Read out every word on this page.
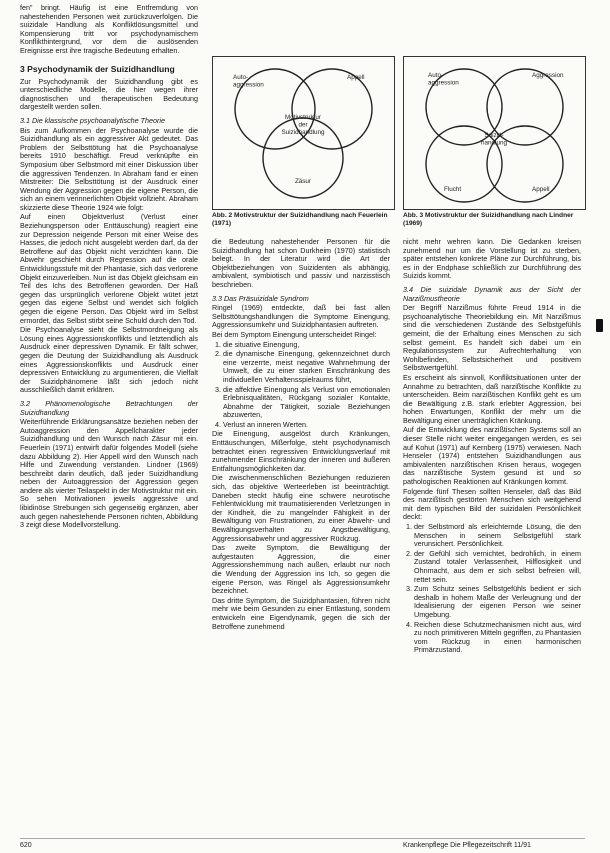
fen” bringt. Häufig ist eine Entfremdung von nahestehenden Personen weit zurückzuverfolgen. Die suizidale Handlung als Konfliktlösungsmittel und Kompensierung tritt vor psychodynamischem Konflikthintergrund, vor dem die auslösenden Ereignisse erst ihre tragische Bedeutung erhalten.

3 Psychodynamik der Suizidhandlung

Zur Psychodynamik der Suizidhandlung gibt es unterschiedliche Modelle, die hier wegen ihrer diagnostischen und therapeutischen Bedeutung dargestellt werden sollen.

3.1 Die klassische psychoanalytische Theorie

Bis zum Aufkommen der Psychoanalyse wurde die Suizidhandlung als ein aggressiver Akt gedeutet. Das Problem der Selbsttötung hat die Psychoanalyse bereits 1910 beschäftigt. Freud verknüpfte ein Symposium über Selbstmord mit einer Diskussion über die aggressiven Tendenzen. In Abraham fand er einen Mitstreiter: Die Selbsttötung ist der Ausdruck einer Wendung der Aggression gegen die eigene Person, die sich an einem verinnerlichten Objekt vollzieht. Abraham skizzierte diese Theorie 1924 wie folgt:

Auf einen Objektverlust (Verlust einer Beziehungsperson oder Enttäuschung) reagiert eine zur Depression neigende Person mit einer Weise des Hasses, die jedoch nicht ausgelebt werden darf, da der Betroffene auf das Objekt nicht verzichten kann. Die Abwehr geschieht durch Regression auf die orale Entwicklungsstufe mit der Phantasie, sich das verlorene Objekt einzuverleiben. Nun ist das Objekt gleichsam ein Teil des Ichs des Betroffenen geworden. Der Haß gegen das ursprünglich verlorene Objekt wütet jetzt gegen das eigene Selbst und wendet sich folglich gegen die eigene Person. Das Objekt wird im Selbst ermordet, das Selbst stirbt seine Schuld durch den Tod.

Die Psychoanalyse sieht die Selbstmordneigung als Lösung eines Aggressionskonflikts und letztendlich als Ausdruck einer depressiven Dynamik. Er fällt schwer, gegen die Deutung der Suizidhandlung als Ausdruck eines Aggressionskonflikts und Ausdruck einer depressiven Entwicklung zu argumentieren, die Vielfalt der Suizidphänomene läßt sich jedoch nicht ausschließlich damit erklären.

3.2 Phänomenologische Betrachtungen der Suizidhandlung

Weiterführende Erklärungsansätze beziehen neben der Autoaggression den Appellcharakter jeder Suizidhandlung und den Wunsch nach Zäsur mit ein. Feuerlein (1971) entwirft dafür folgendes Modell (siehe dazu Abbildung 2). Hier Appell wird den Wunsch nach Hilfe und Zuwendung verstanden. Lindner (1969) beschreibt darin deutlich, daß jeder Suizidhandlung neben der Autoaggression der Aggression gegen andere als vierter Teilaspekt in der Motivstruktur mit ein. So sehen Motivationen jeweils aggressive und libidinöse Strebungen sich gegenseitig ergänzen, aber auch gegen nahestehende Personen richten, Abbildung 3 zeigt diese Modellvorstellung.

Auto-aggression
Appell
Motivstruktur der Suizidhandlung
Zäsur
Abb. 2 Motivstruktur der Suizidhandlung nach Feuerlein (1971)
Auto-aggression
Aggression
Suizid-handlung
Flucht	Appell
Abb. 3 Motivstruktur der Suizidhandlung nach Lindner (1969)

die Bedeutung nahestehender Personen für die Suizidhandlung hat schon Durkheim (1970) statistisch belegt. In der Literatur wird die Art der Objektbeziehungen von Suizidenten als abhängig, ambivalent, symbiotisch und passiv und narzisstisch beschrieben.

3.3 Das Präsuizidale Syndrom

Ringel (1969) entdeckte, daß bei fast allen Selbsttötungshandlungen die Symptome Einengung, Aggressionsumkehr und Suizidphantasien auftreten.

Bei dem Symptom Einengung unterscheidet Ringel:

1. die situative Einengung,
2. die dynamische Einengung, gekennzeichnet durch eine verzerrte, meist negative Wahrnehmung der Umwelt, die zu einer starken Einschränkung des individuellen Verhaltensspielraums führt,
3. die affektive Einengung als Verlust von emotionalen Erlebnisqualitäten, Rückgang sozialer Kontakte, Abnahme der Tätigkeit, soziale Beziehungen abzuwerten,
4. Verlust an inneren Werten.

Die Einengung, ausgelöst durch Kränkungen, Enttäuschungen, Mißerfolge, steht psychodynamisch betrachtet einen regressiven Entwicklungsverlauf mit zunehmender Einschränkung der inneren und äußeren Entfaltungsmöglichkeiten dar.

Die zwischenmenschlichen Beziehungen reduzieren sich, das objektive Werteerleben ist beeinträchtigt. Daneben steckt häufig eine schwere neurotische Fehlentwicklung mit traumatisierenden Verletzungen in der Kindheit, die zu mangelnder Fähigkeit in der Bewältigung von Frustrationen, zu einer Abwehr- und Bewältigungsverhalten zu Angstbewältigung, Aggressionsabwehr und aggressiver Rückzug.

Das zweite Symptom, die Bewältigung der aufgestauten Aggression, die einer Aggressionshemmung nach außen, erlaubt nur noch die Wendung der Aggression ins Ich, so gegen die eigene Person, was Ringel als Aggressionsumkehr bezeichnet.

Das dritte Symptom, die Suizidphantasien, führen nicht mehr wie beim Gesunden zu einer Entlastung, sondern entwickeln eine Eigendynamik, gegen die sich der Betroffene zunehmend

nicht mehr wehren kann. Die Gedanken kreisen zunehmend nur um die Vorstellung ist zu sterben, später entstehen konkrete Pläne zur Durchführung, bis es in der Endphase schließlich zur Durchführung des Suizids kommt.

3.4 Die suizidale Dynamik aus der Sicht der Narzißmustheorie

Der Begriff Narzißmus führte Freud 1914 in die psychoanalytische Theoriebildung ein. Mit Narzißmus sind die verschiedenen Zustände des Selbstgefühls gemeint, die der Erhaltung eines Menschen zu sich selbst gemeint. Es handelt sich dabei um ein Regulationssystem zur Aufrechterhaltung von Wohlbefinden, Selbstsicherheit und positivem Selbstwertgefühl.

Es erscheint als sinnvoll, Konfliktsituationen unter der Annahme zu betrachten, daß narzißtische Konflikte zu unterscheiden. Beim narzißtischen Konflikt geht es um die Bewältigung z.B. stark erlebter Aggression, bei hohen Erwartungen, Konflikt der mehr um die Bewältigung einer unerträglichen Kränkung.

Auf die Entwicklung des narzißtischen Systems soll an dieser Stelle nicht weiter eingegangen werden, es sei auf Kohut (1971) auf Kernberg (1975) verwiesen. Nach Henseler (1974) entstehen Suizidhandlungen aus ambivalenten narzißtischen Krisen heraus, wogegen das narzißtische System gesund ist und so pathologischen Reaktionen auf Kränkungen kommt.

Folgende fünf Thesen sollten Henseler, daß das Bild des narzißtisch gestörten Menschen sich weitgehend mit dem typischen Bild der suizidalen Persönlichkeit deckt:

1. der Selbstmord als erleichternde Lösung, die den Menschen in seinem Selbstgefühl stark verunsichert. Persönlichkeit.
2. der Gefühl sich vernichtet, bedrohlich, in einem Zustand totaler Verlassenheit, Hilflosigkeit und Ohnmacht, aus dem er sich selbst befreien will, rettet sein.
3. Zum Schutz seines Selbstgefühls bedient er sich deshalb in hohem Maße der Verleugnung und der Idealisierung der eigenen Person wie seiner Umgebung.
4. Reichen diese Schutzmechanismen nicht aus, wird zu noch primitiveren Mitteln gegriffen, zu Phantasien vom Rückzug in einen harmonischen Primärzustand.
620	Krankenpflege Die Pflegezeitschrift 11/91
